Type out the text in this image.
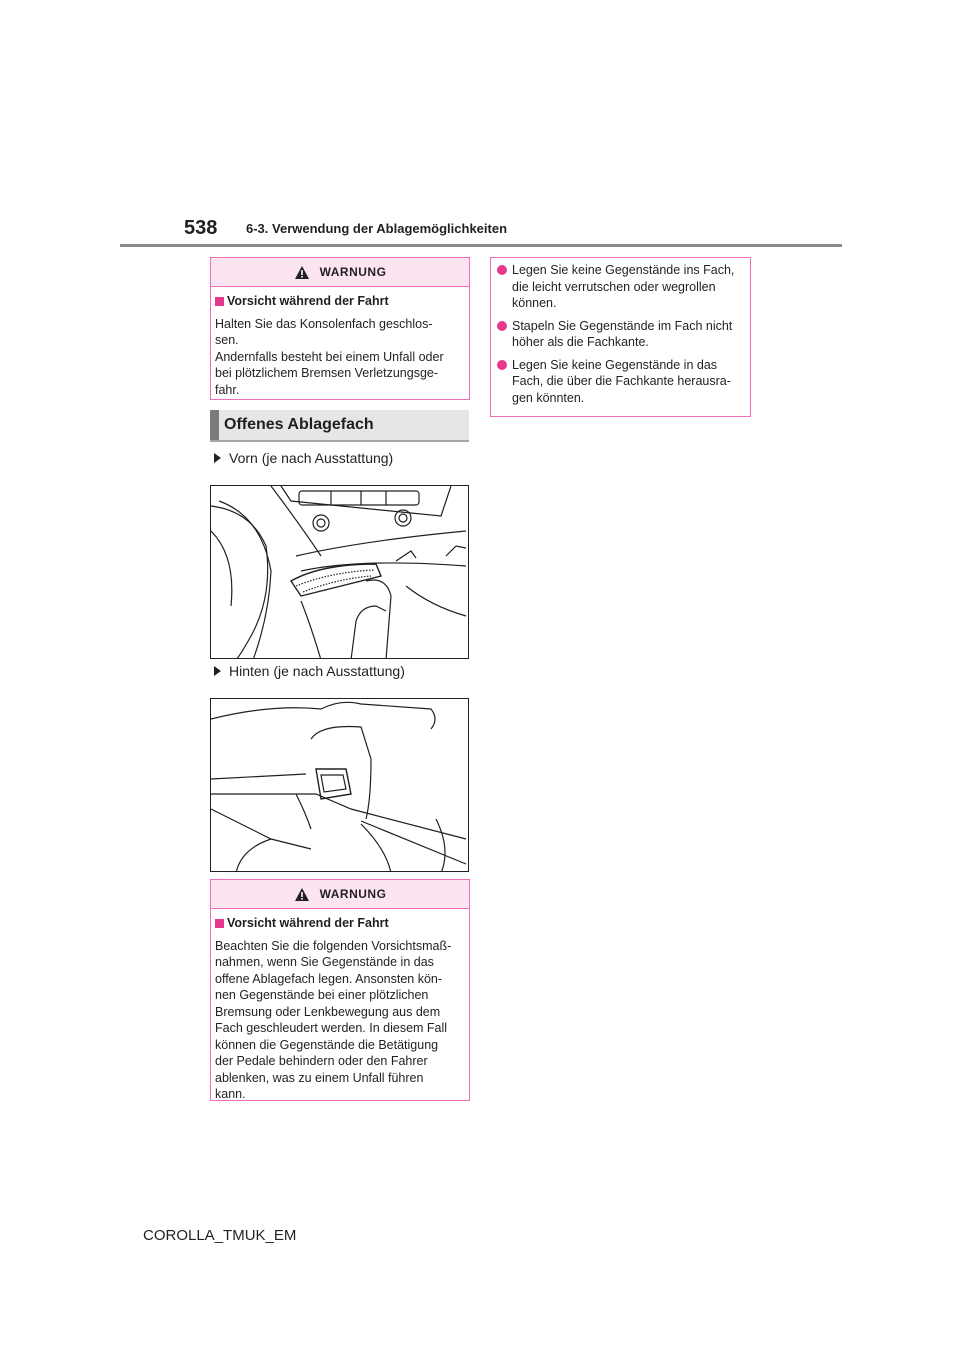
538 6-3. Verwendung der Ablagemöglichkeiten
WARNUNG
Vorsicht während der Fahrt
Halten Sie das Konsolenfach geschlos-
sen.
Andernfalls besteht bei einem Unfall oder
bei plötzlichem Bremsen Verletzungsge-
fahr.
Legen Sie keine Gegenstände ins Fach,
die leicht verrutschen oder wegrollen
können.
Stapeln Sie Gegenstände im Fach nicht
höher als die Fachkante.
Legen Sie keine Gegenstände in das
Fach, die über die Fachkante herausra-
gen könnten.
Offenes Ablagefach
Vorn (je nach Ausstattung)
Hinten (je nach Ausstattung)
WARNUNG
Vorsicht während der Fahrt
Beachten Sie die folgenden Vorsichtsmaß-
nahmen, wenn Sie Gegenstände in das
offene Ablagefach legen. Ansonsten kön-
nen Gegenstände bei einer plötzlichen
Bremsung oder Lenkbewegung aus dem
Fach geschleudert werden. In diesem Fall
können die Gegenstände die Betätigung
der Pedale behindern oder den Fahrer
ablenken, was zu einem Unfall führen
kann.
COROLLA_TMUK_EM
